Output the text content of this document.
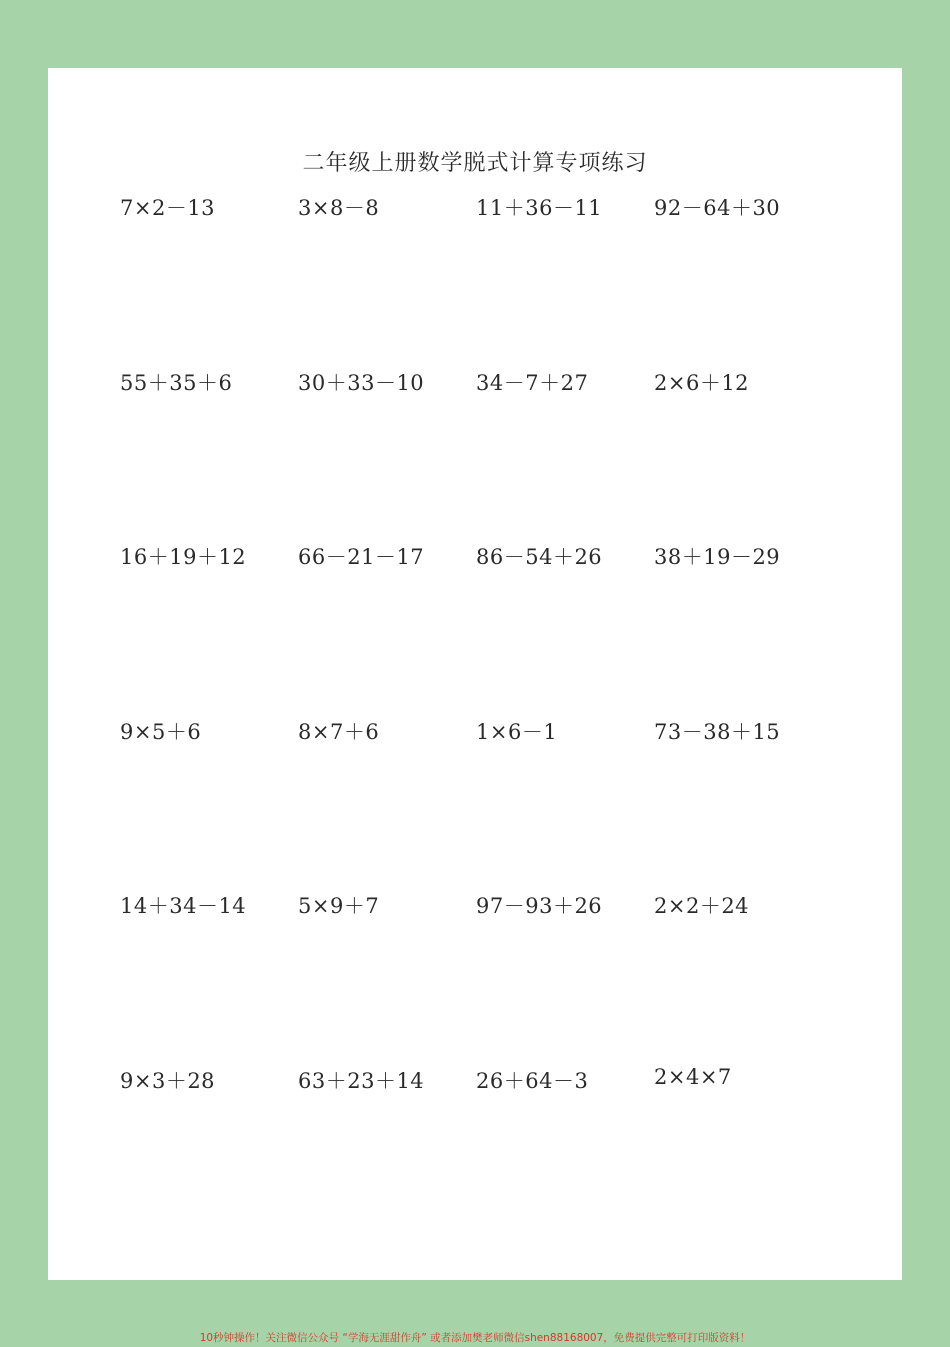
二年级上册数学脱式计算专项练习
7×2－13	3×8－8	11＋36－11 92－64＋30
55＋35＋6	30＋33－10 34－7＋27	2×6＋12
16＋19＋12 66－21－17 86－54＋26 38＋19－29
9×5＋6	8×7＋6	1×6－1	73－38＋15
14＋34－14 5×9＋7	97－93＋26 2×2＋24
9×3＋28	63＋23＋14 26＋64－3	2×4×7
10秒钟操作！关注微信公众号 “学海无涯甜作舟” 或者添加樊老师微信shen88168007，免费提供完整可打印版资料！
